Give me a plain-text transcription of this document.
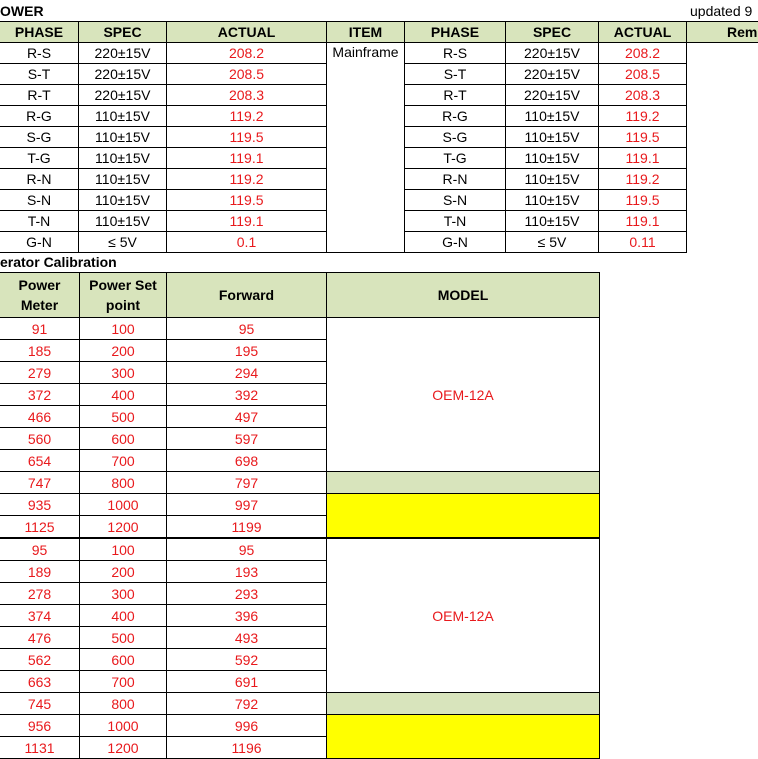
OWER	updated 9
PHASE	SPEC	ACTUAL	ITEM	PHASE	SPEC	ACTUAL	Rem
R-S	220±15V	208.2	Mainframe	R-S	220±15V	208.2	
S-T	220±15V	208.5		S-T	220±15V	208.5	
R-T	220±15V	208.3		R-T	220±15V	208.3	
R-G	110±15V	119.2		R-G	110±15V	119.2	
S-G	110±15V	119.5		S-G	110±15V	119.5	
T-G	110±15V	119.1		T-G	110±15V	119.1	
R-N	110±15V	119.2		R-N	110±15V	119.2	
S-N	110±15V	119.5		S-N	110±15V	119.5	
T-N	110±15V	119.1		T-N	110±15V	119.1	
G-N	≤ 5V	0.1		G-N	≤ 5V	0.11	
erator Calibration
Power Meter	Power Set point	Forward	MODEL
91	100	95	OEM-12A
185	200	195	
279	300	294	
372	400	392	
466	500	497	
560	600	597	
654	700	698	
747	800	797	
935	1000	997	
1125	1200	1199	
95	100	95	OEM-12A
189	200	193	
278	300	293	
374	400	396	
476	500	493	
562	600	592	
663	700	691	
745	800	792	
956	1000	996	
1131	1200	1196	
